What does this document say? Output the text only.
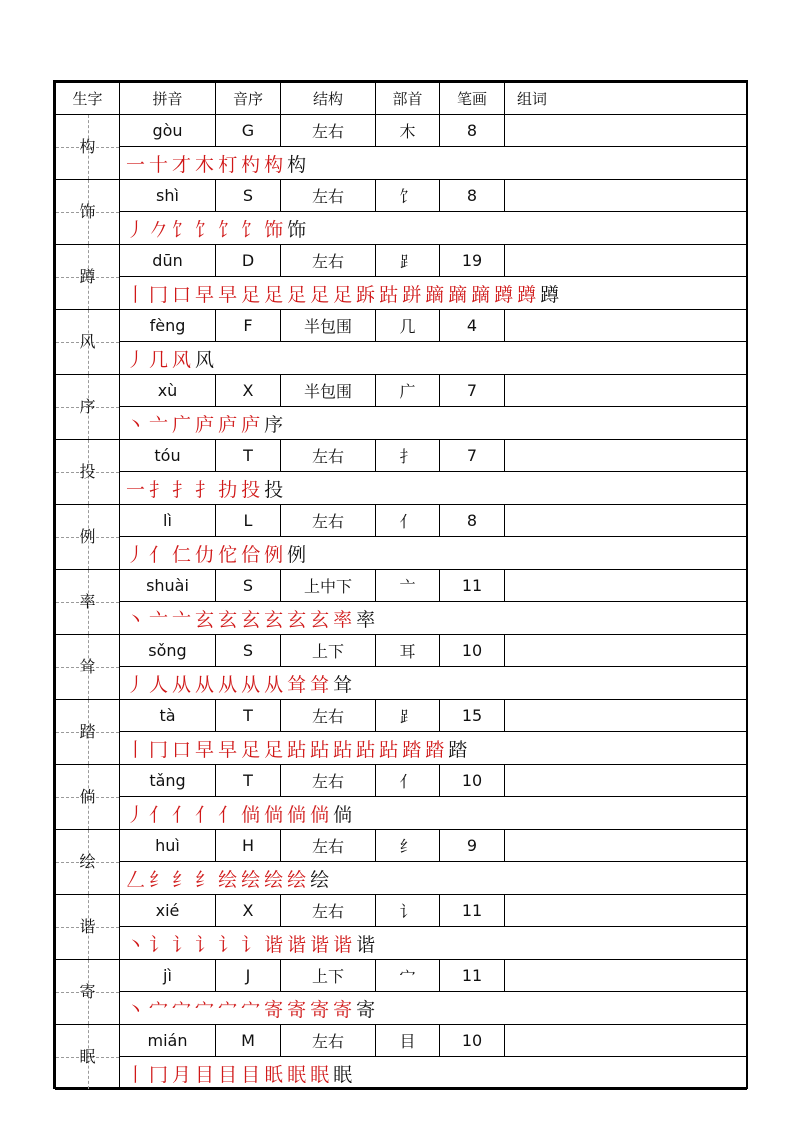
生字	拼音	音序	结构	部首	笔画	组词

构	gòu	G	左右	木	8	
	一 十 才 木 朾 杓 构 构					

饰	shì	S	左右	饣	8	
	丿 𠂊 饣 饣 饣 饣 饰 饰					

蹲	dūn	D	左右	⻊	19	
	丨 冂 口 早 早 足 足 足 足 足 跅 跍 跰 蹢 蹢 蹢 蹲 蹲 蹲					

风	fèng	F	半包围	几	4	
	丿 几 风 风					

序	xù	X	半包围	广	7	
	丶 亠 广 庐 庐 庐 序					

投	tóu	T	左右	扌	7	
	一 扌 扌 扌 扐 投 投					

例	lì	L	左右	亻	8	
	丿 亻 仁 仂 佗 佮 例 例					

率	shuài	S	上中下	亠	11	
	丶 亠 亠 玄 玄 玄 玄 玄 玄 率 率					

耸	sǒng	S	上下	耳	10	
	丿 人 从 从 从 从 从 耸 耸 耸					

踏	tà	T	左右	⻊	15	
	丨 冂 口 早 早 足 足 跕 跕 跕 跕 跕 踏 踏 踏					

倘	tǎng	T	左右	亻	10	
	丿 亻 亻 亻 亻 倘 倘 倘 倘 倘					

绘	huì	H	左右	纟	9	
	𠃋 纟 纟 纟 绘 绘 绘 绘 绘					

谐	xié	X	左右	讠	11	
	丶 讠 讠 讠 讠 讠 谐 谐 谐 谐 谐					

寄	jì	J	上下	宀	11	
	丶 宀 宀 宀 宀 宀 寄 寄 寄 寄 寄					

眠	mián	M	左右	目	10	
	丨 冂 月 目 目 目 眂 眠 眠 眠					
